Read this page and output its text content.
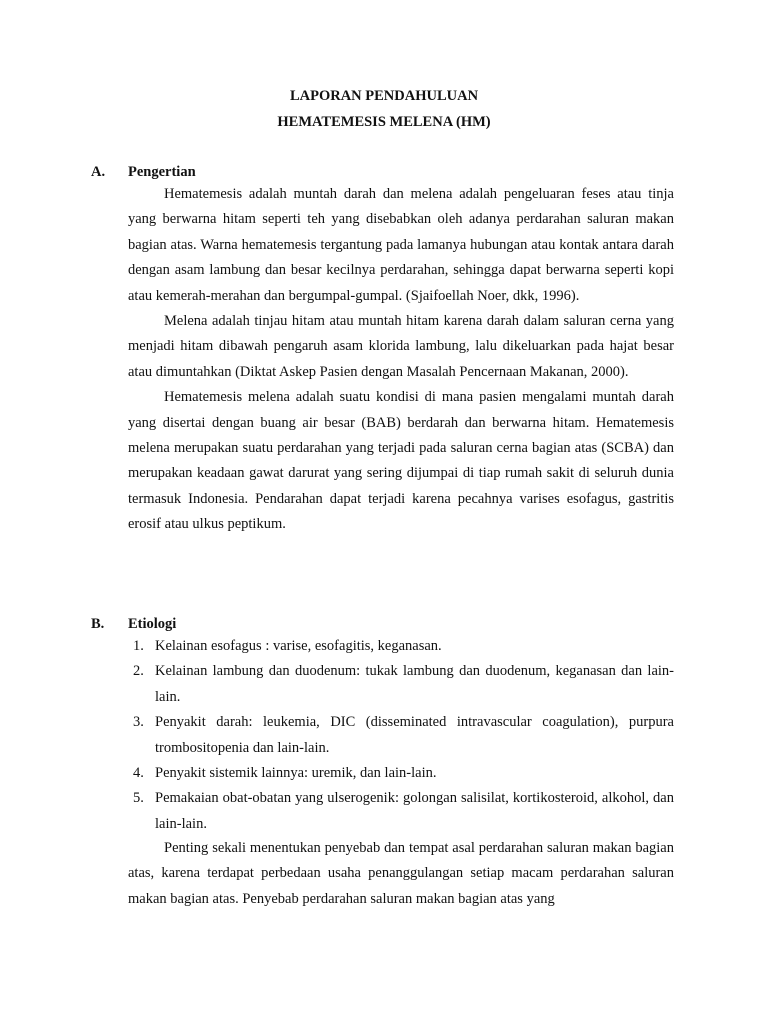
LAPORAN PENDAHULUAN
HEMATEMESIS MELENA (HM)
A. Pengertian

Hematemesis adalah muntah darah dan melena adalah pengeluaran feses atau tinja yang berwarna hitam seperti teh yang disebabkan oleh adanya perdarahan saluran makan bagian atas. Warna hematemesis tergantung pada lamanya hubungan atau kontak antara darah dengan asam lambung dan besar kecilnya perdarahan, sehingga dapat berwarna seperti kopi atau kemerah-merahan dan bergumpal-gumpal. (Sjaifoellah Noer, dkk, 1996).

Melena adalah tinjau hitam atau muntah hitam karena darah dalam saluran cerna yang menjadi hitam dibawah pengaruh asam klorida lambung, lalu dikeluarkan pada hajat besar atau dimuntahkan (Diktat Askep Pasien dengan Masalah Pencernaan Makanan, 2000).

Hematemesis melena adalah suatu kondisi di mana pasien mengalami muntah darah yang disertai dengan buang air besar (BAB) berdarah dan berwarna hitam. Hematemesis melena merupakan suatu perdarahan yang terjadi pada saluran cerna bagian atas (SCBA) dan merupakan keadaan gawat darurat yang sering dijumpai di tiap rumah sakit di seluruh dunia termasuk Indonesia. Pendarahan dapat terjadi karena pecahnya varises esofagus, gastritis erosif atau ulkus peptikum.

B. Etiologi
1. Kelainan esofagus : varise, esofagitis, keganasan.
2. Kelainan lambung dan duodenum: tukak lambung dan duodenum, keganasan dan lain-lain.
3. Penyakit darah: leukemia, DIC (disseminated intravascular coagulation), purpura trombositopenia dan lain-lain.
4. Penyakit sistemik lainnya: uremik, dan lain-lain.
5. Pemakaian obat-obatan yang ulserogenik: golongan salisilat, kortikosteroid, alkohol, dan lain-lain.

Penting sekali menentukan penyebab dan tempat asal perdarahan saluran makan bagian atas, karena terdapat perbedaan usaha penanggulangan setiap macam perdarahan saluran makan bagian atas. Penyebab perdarahan saluran makan bagian atas yang
